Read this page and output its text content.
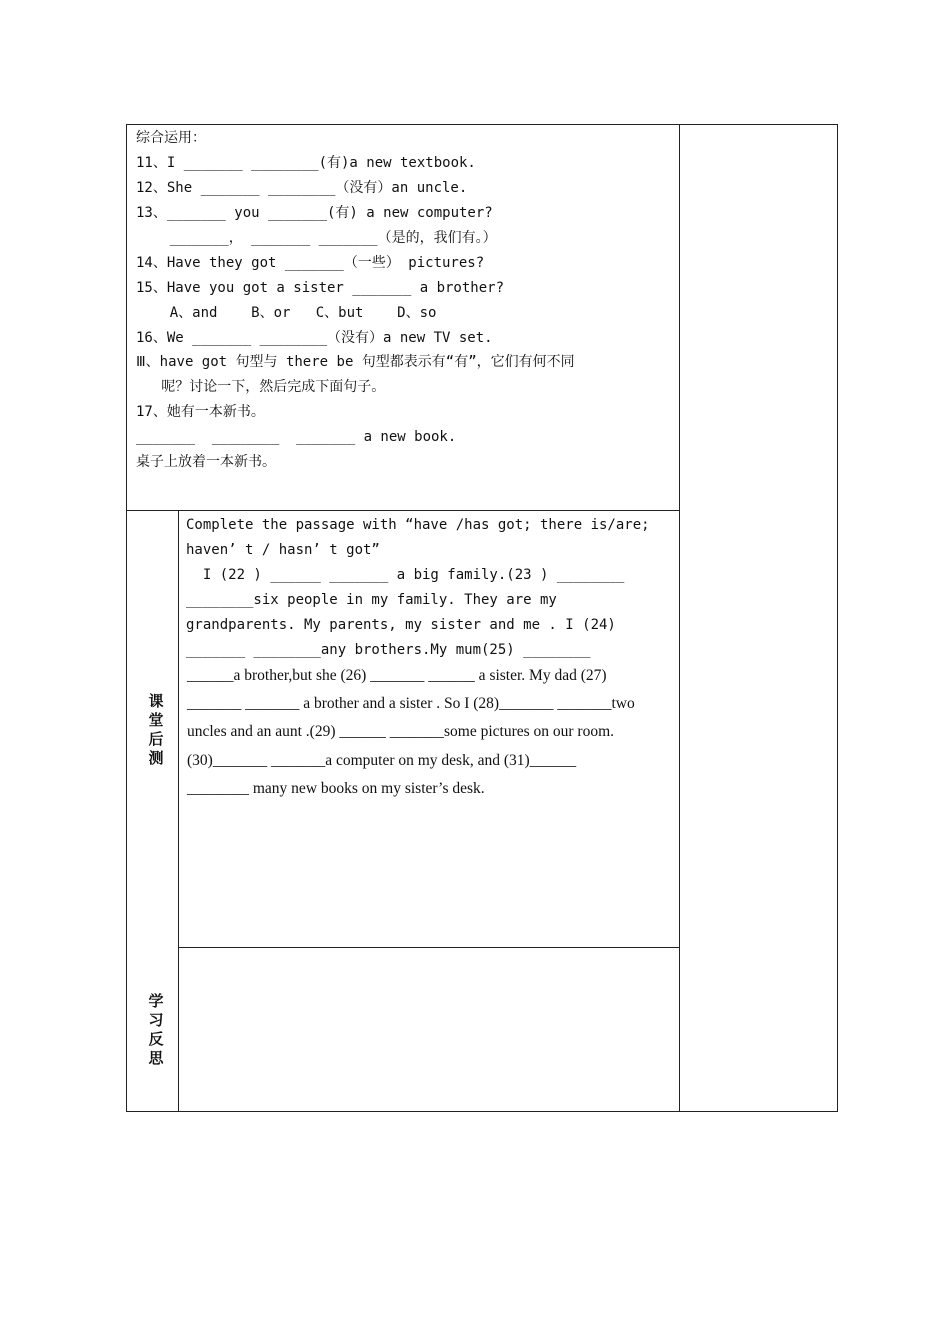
综合运用：
11、I _______ ________(有)a new textbook.
12、She _______ ________（没有）an uncle.
13、_______ you _______(有) a new computer?
_______， _______ _______（是的，我们有。）
14、Have they got _______（一些） pictures?
15、Have you got a sister _______ a brother?
A、and    B、or   C、but    D、so
16、We _______ ________（没有）a new TV set.
Ⅲ、have got 句型与 there be 句型都表示有“有”，它们有何不同
呢？讨论一下，然后完成下面句子。
17、她有一本新书。
_______  ________  _______ a new book.
桌子上放着一本新书。
课
堂
后
测
Complete the passage with “have /has got; there is/are;
haven’ t / hasn’ t got”
I (22 ) ______ _______ a big family.(23 ) ________
________six people in my family. They are my
grandparents. My parents, my sister and me . I (24)
_______ ________any brothers.My mum(25) ________
______a brother,but she (26) _______ ______ a sister. My dad (27)
_______ _______ a brother and a sister . So I (28)_______ _______two
uncles and an aunt .(29) ______ _______some pictures on our room.
(30)_______ _______a computer on my desk, and (31)______
________ many new books on my sister’s desk.
学
习
反
思
